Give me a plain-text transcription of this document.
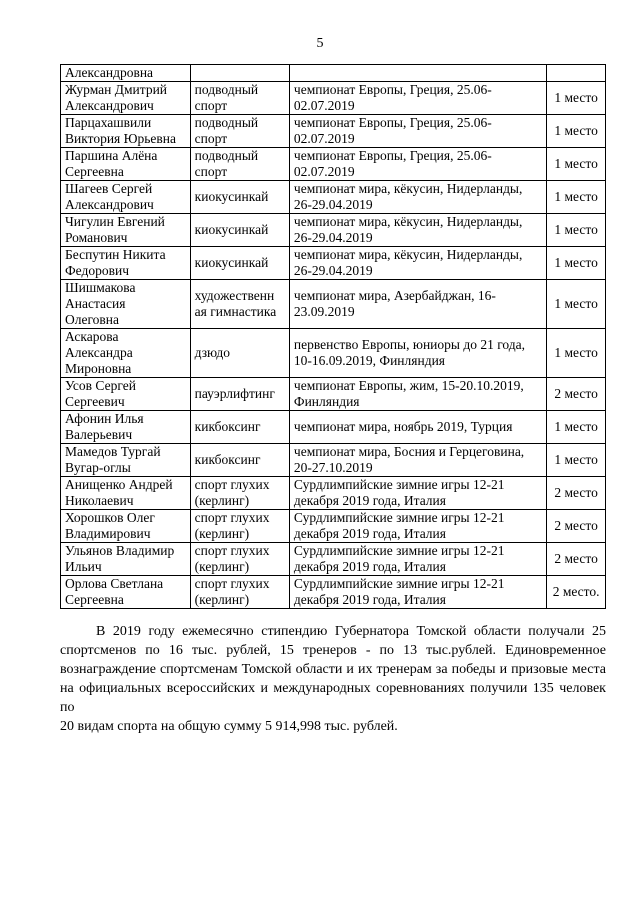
5
Александровна			

Журман Дмитрий
Александрович	подводный
спорт	чемпионат Европы, Греция, 25.06-
02.07.2019	1 место

Парцахашвили
Виктория Юрьевна	подводный
спорт	чемпионат Европы, Греция, 25.06-
02.07.2019	1 место

Паршина Алёна
Сергеевна	подводный
спорт	чемпионат Европы, Греция, 25.06-
02.07.2019	1 место

Шагеев Сергей
Александрович	киокусинкай	чемпионат мира, кёкусин, Нидерланды,
26-29.04.2019	1 место

Чигулин Евгений
Романович	киокусинкай	чемпионат мира, кёкусин, Нидерланды,
26-29.04.2019	1 место

Беспутин Никита
Федорович	киокусинкай	чемпионат мира, кёкусин, Нидерланды,
26-29.04.2019	1 место

Шишмакова
Анастасия
Олеговна	художественн
ая гимнастика	чемпионат мира, Азербайджан, 16-
23.09.2019	1 место

Аскарова
Александра
Мироновна	дзюдо	первенство Европы, юниоры до 21 года,
10-16.09.2019, Финляндия	1 место

Усов Сергей
Сергеевич	пауэрлифтинг	чемпионат Европы, жим, 15-20.10.2019,
Финляндия	2 место

Афонин Илья
Валерьевич	кикбоксинг	чемпионат мира, ноябрь 2019, Турция	1 место

Мамедов Тургай
Вугар-оглы	кикбоксинг	чемпионат мира, Босния и Герцеговина,
20-27.10.2019	1 место

Анищенко Андрей
Николаевич	спорт глухих
(керлинг)	Сурдлимпийские зимние игры 12-21
декабря 2019 года, Италия	2 место

Хорошков Олег
Владимирович	спорт глухих
(керлинг)	Сурдлимпийские зимние игры 12-21
декабря 2019 года, Италия	2 место

Ульянов Владимир
Ильич	спорт глухих
(керлинг)	Сурдлимпийские зимние игры 12-21
декабря 2019 года, Италия	2 место

Орлова Светлана
Сергеевна	спорт глухих
(керлинг)	Сурдлимпийские зимние игры 12-21
декабря 2019 года, Италия	2 место.
В 2019 году ежемесячно стипендию Губернатора Томской области получали 25
спортсменов по 16 тыс. рублей, 15 тренеров - по 13 тыс.рублей. Единовременное
вознаграждение спортсменам Томской области и их тренерам за победы и призовые места
на официальных всероссийских и международных соревнованиях получили 135 человек по
20 видам спорта на общую сумму 5 914,998 тыс. рублей.
